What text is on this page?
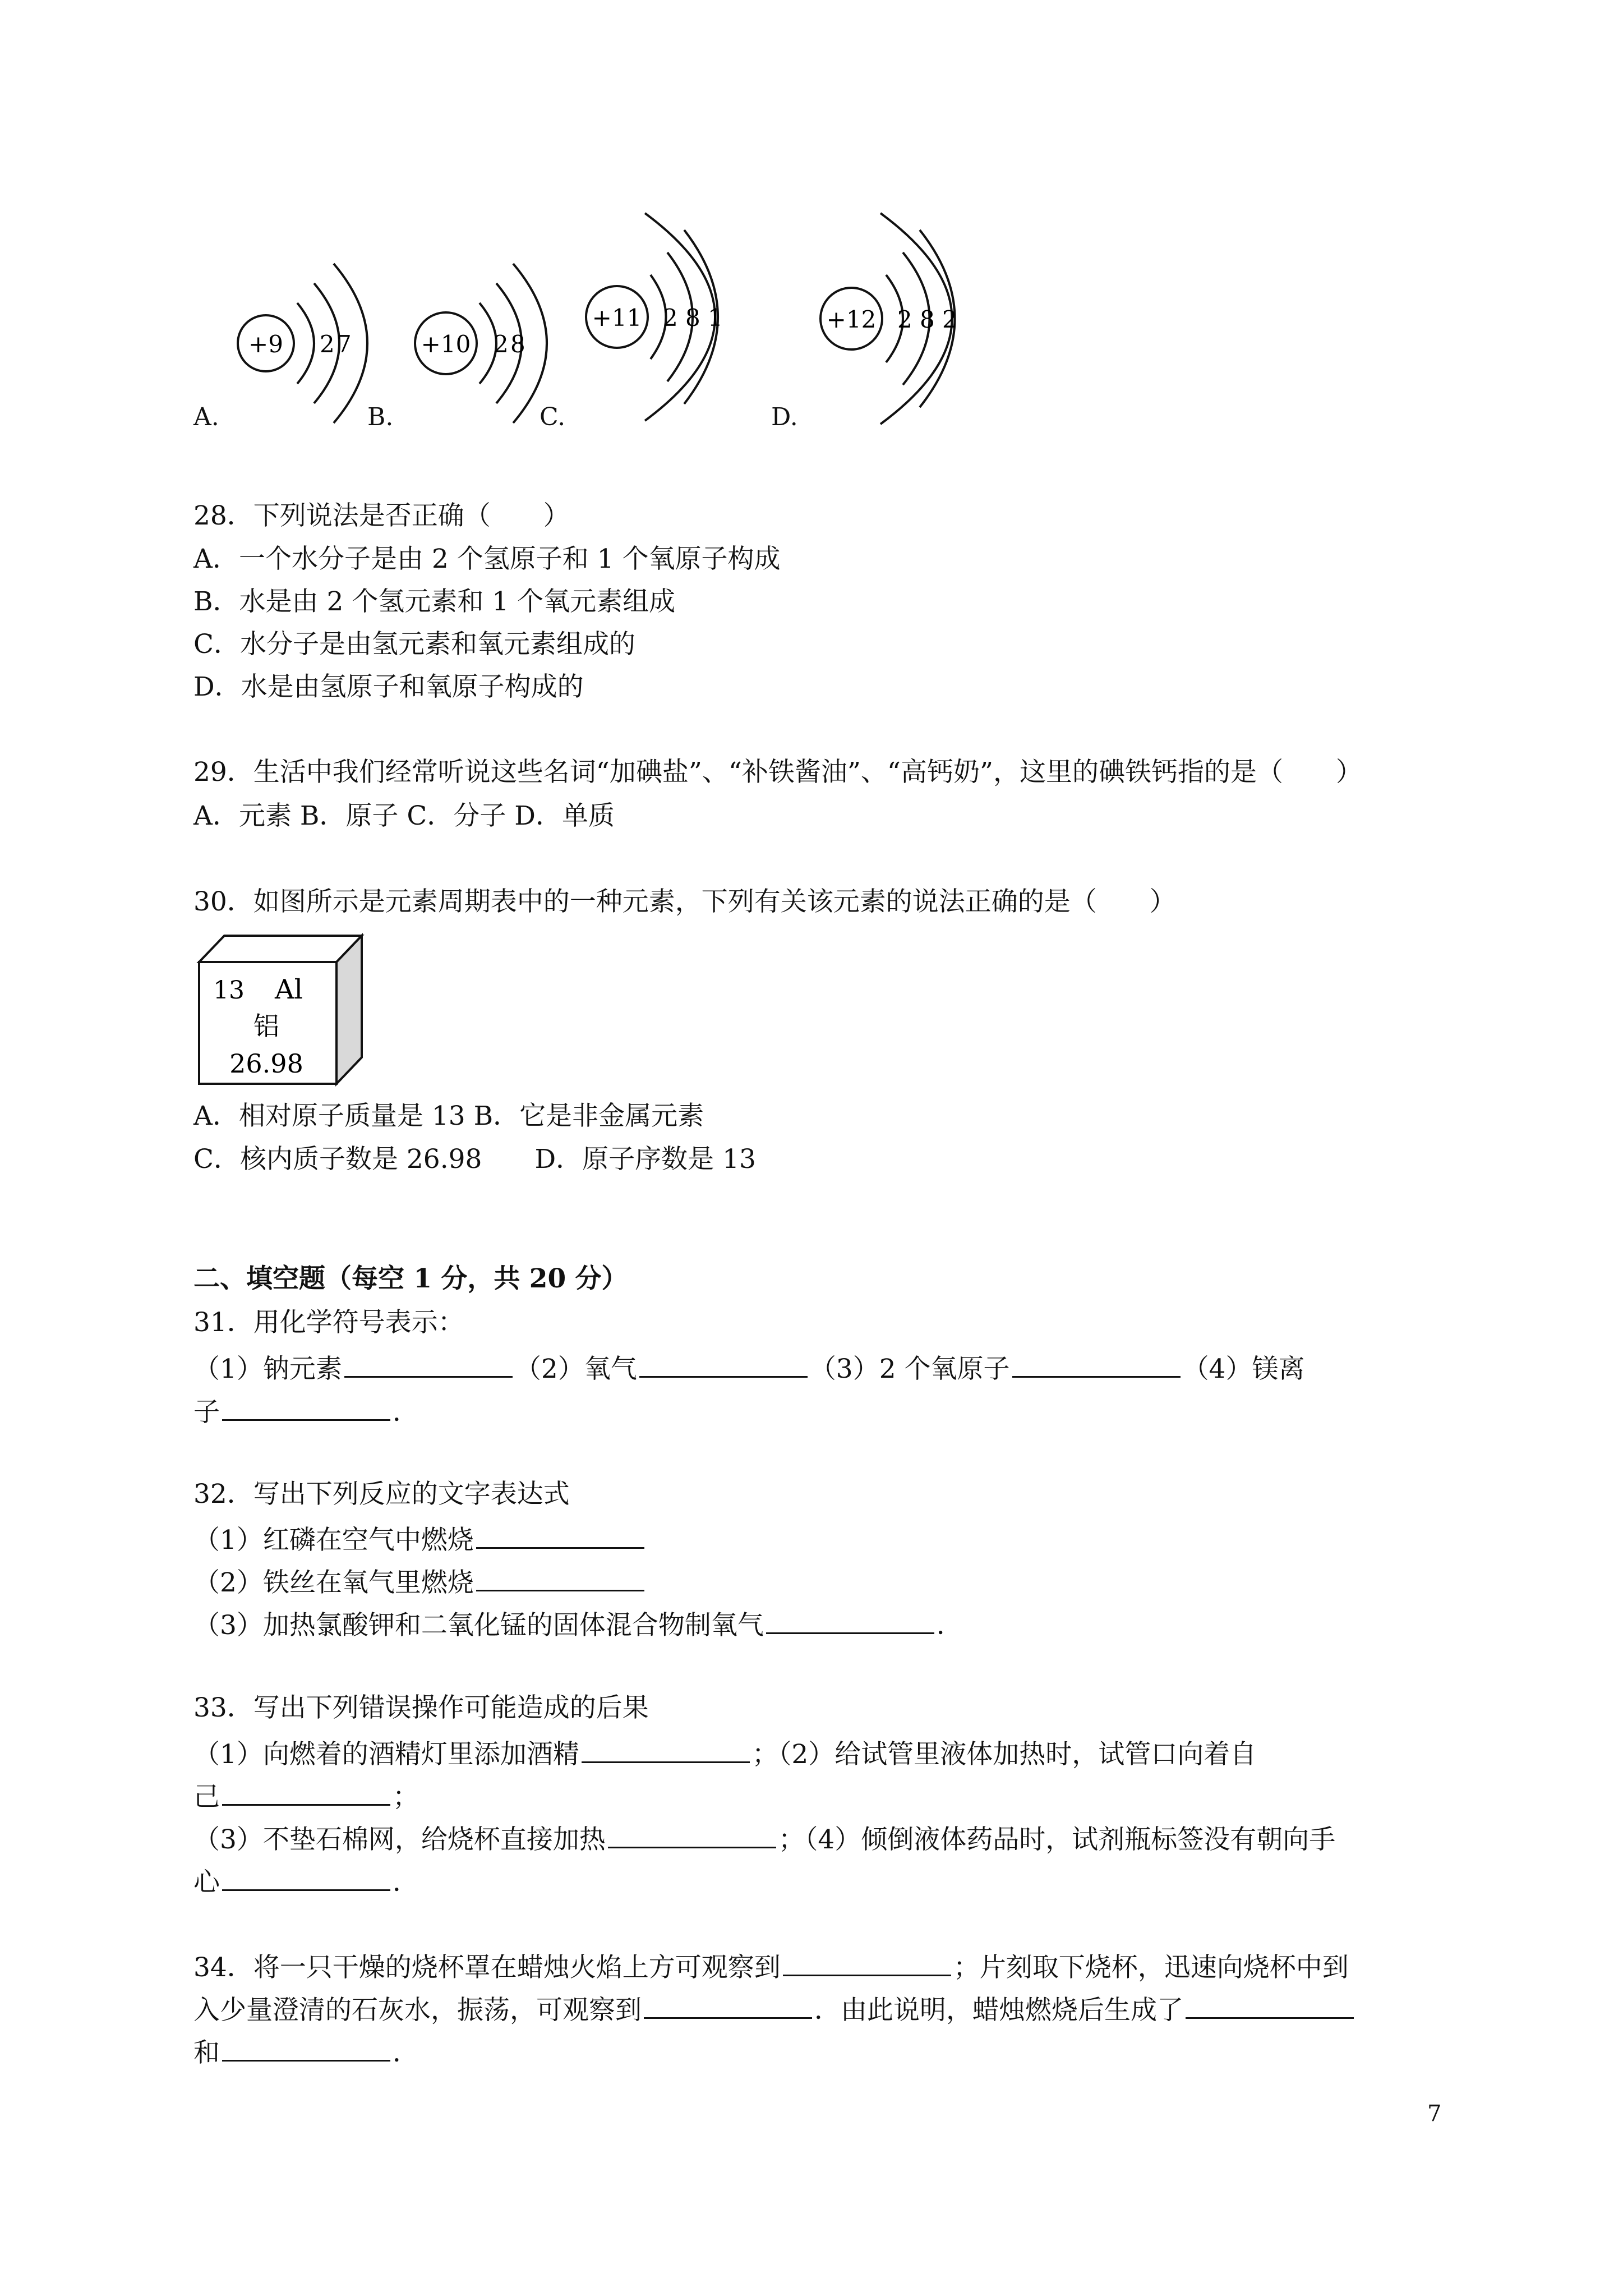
+9 2 7	+10 2 8
+11 2 8 1	+12 2 8 2
A.	B.	C.	D.
28．下列说法是否正确（　　）
A．一个水分子是由 2 个氢原子和 1 个氧原子构成
B．水是由 2 个氢元素和 1 个氧元素组成
C．水分子是由氢元素和氧元素组成的
D．水是由氢原子和氧原子构成的
29．生活中我们经常听说这些名词“加碘盐”、“补铁酱油”、“高钙奶”，这里的碘铁钙指的是（　　）
A．元素 B．原子 C．分子 D．单质
30．如图所示是元素周期表中的一种元素，下列有关该元素的说法正确的是（　　）
13 Al
铝
26.98
A．相对原子质量是 13 B．它是非金属元素
C．核内质子数是 26.98　　D．原子序数是 13
二、填空题（每空 1 分，共 20 分）
31．用化学符号表示：
（1）钠元素	（2）氧气	（3）2 个氧原子	（4）镁离
子	．
32．写出下列反应的文字表达式
（1）红磷在空气中燃烧
（2）铁丝在氧气里燃烧
（3）加热氯酸钾和二氧化锰的固体混合物制氧气	．
33．写出下列错误操作可能造成的后果
（1）向燃着的酒精灯里添加酒精	；（2）给试管里液体加热时，试管口向着自
己	；
（3）不垫石棉网，给烧杯直接加热	；（4）倾倒液体药品时，试剂瓶标签没有朝向手
心	．
34．将一只干燥的烧杯罩在蜡烛火焰上方可观察到	；片刻取下烧杯，迅速向烧杯中到
入少量澄清的石灰水，振荡，可观察到	．由此说明，蜡烛燃烧后生成了
和	．
7
